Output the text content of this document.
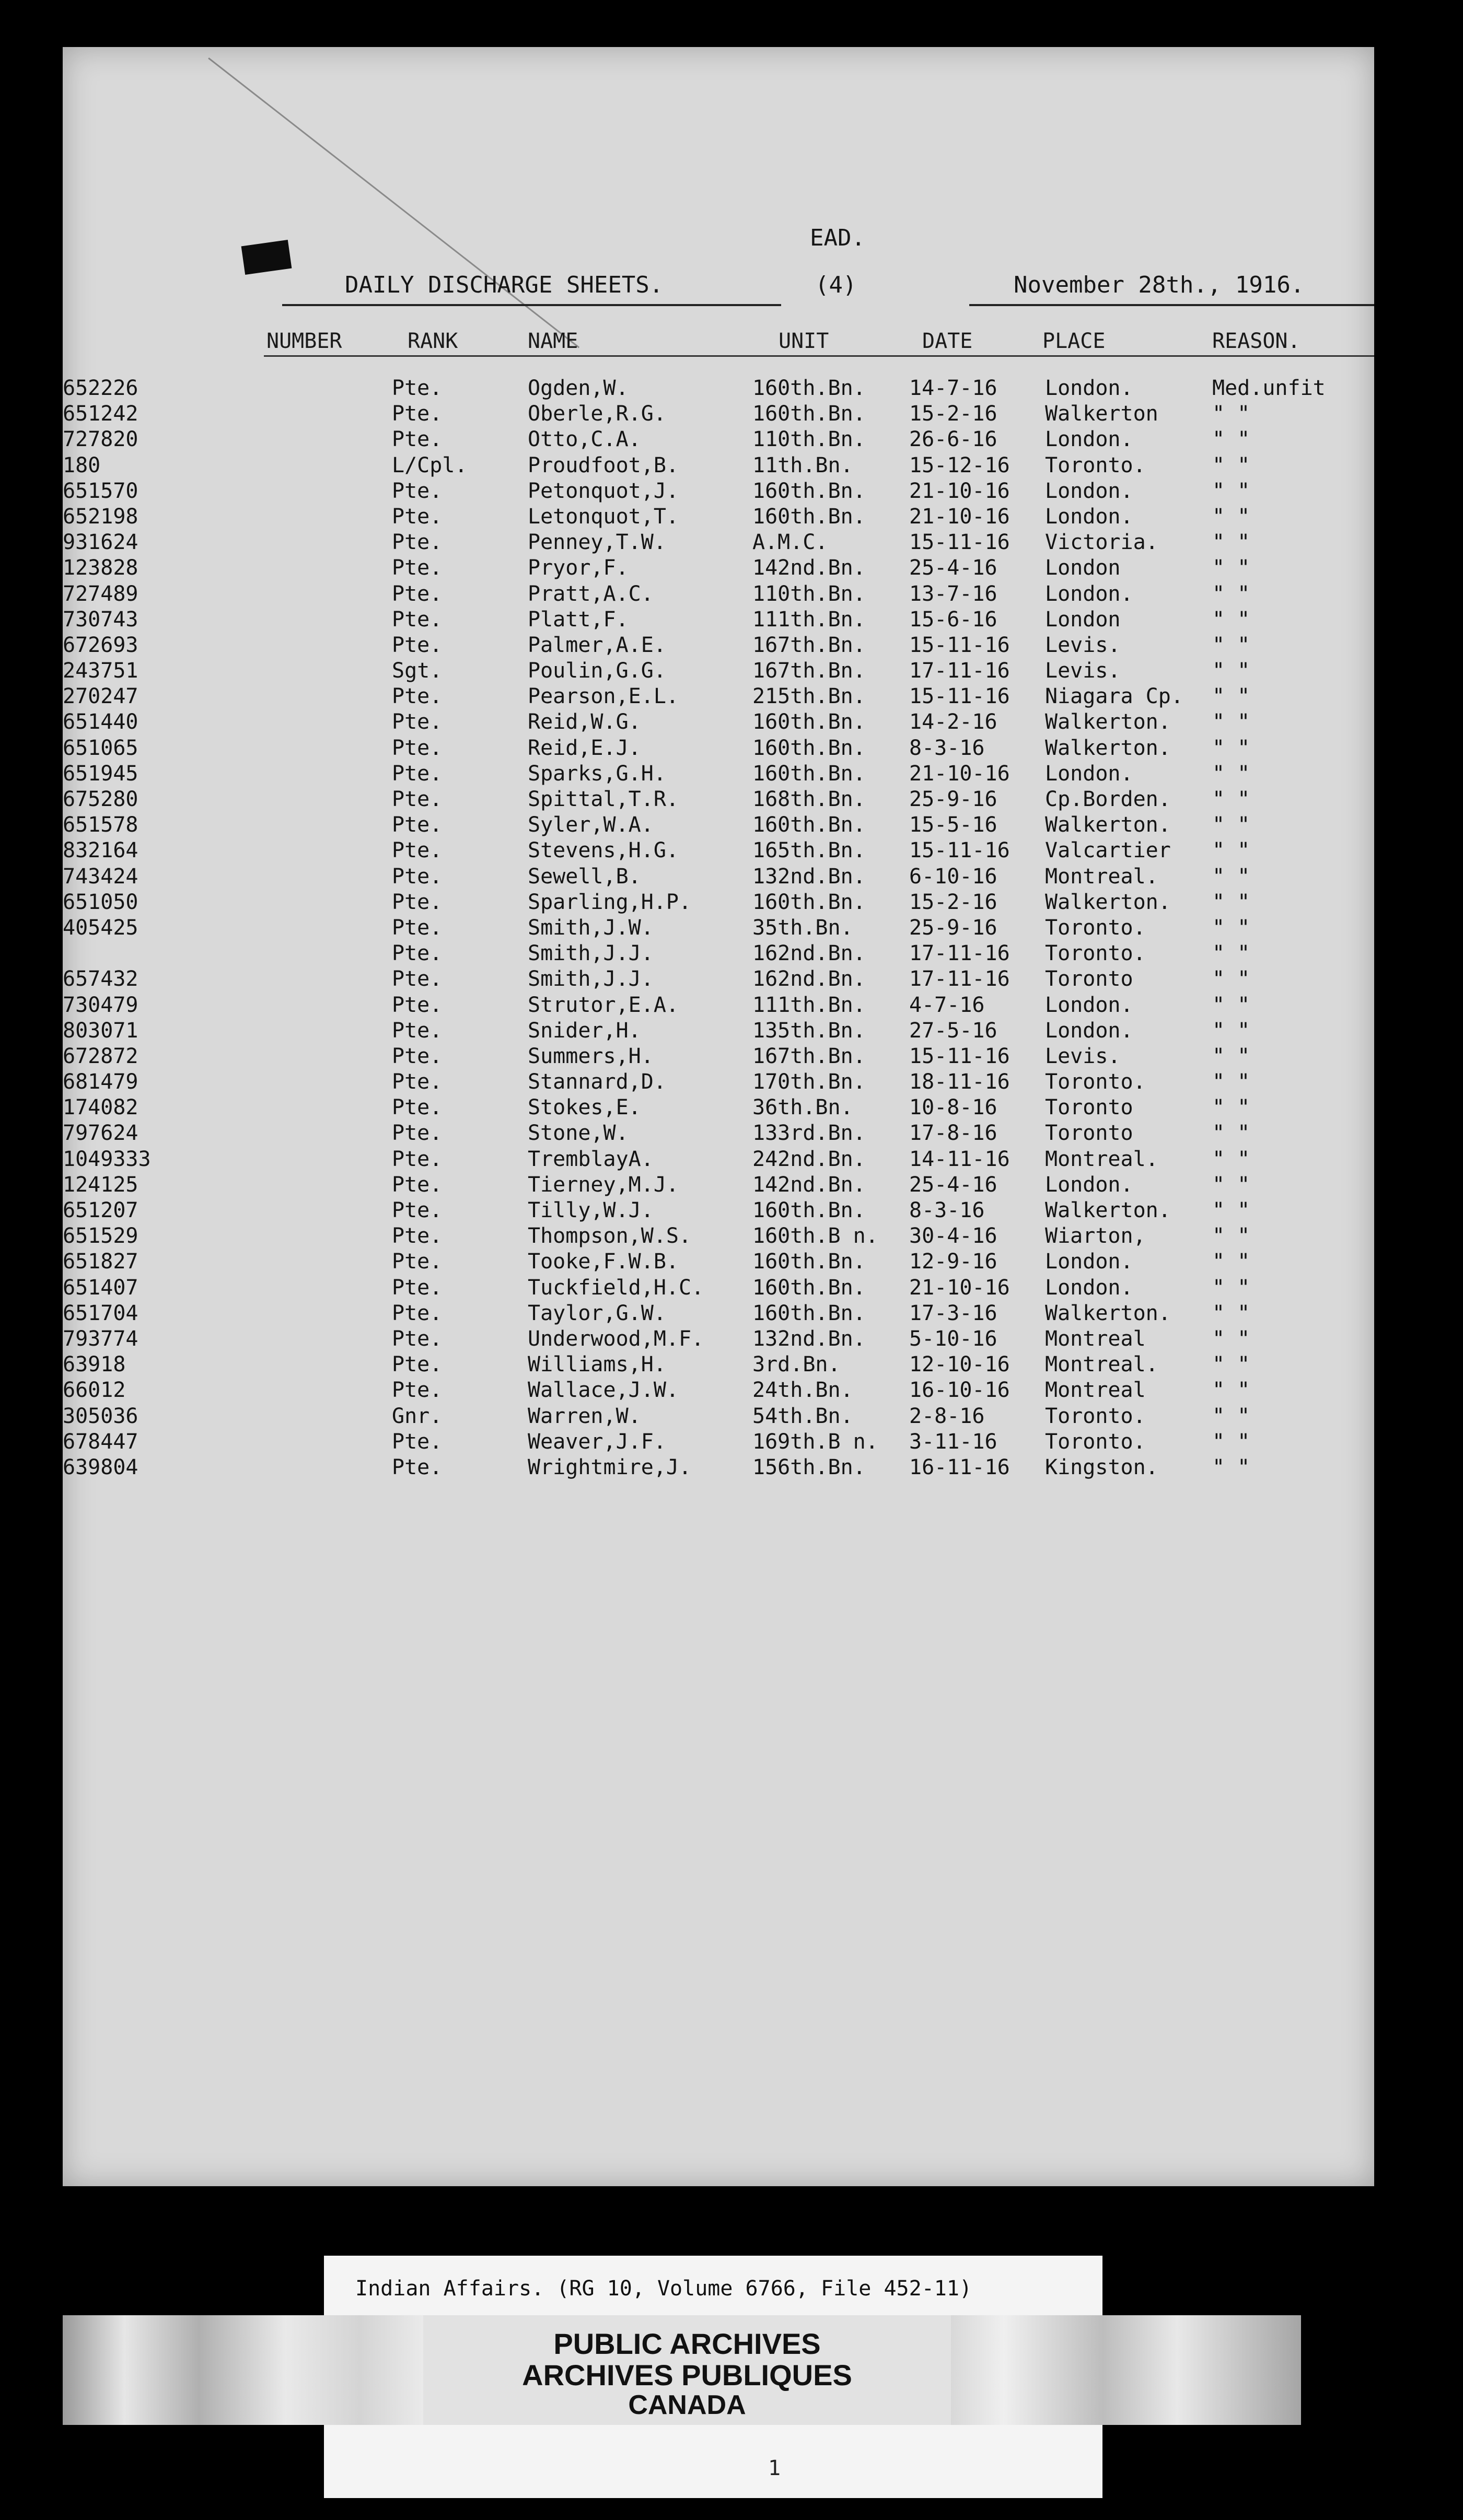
EAD.
DAILY DISCHARGE SHEETS.	(4)	November 28th., 1916.
NUMBER	RANK	NAME	UNIT	DATE	PLACE	REASON.
652226	Pte.	Ogden,W.	160th.Bn. 14-7-16 London.	Med.unfit
651242	Pte.	Oberle,R.G.	160th.Bn. 15-2-16 Walkerton	" "
727820	Pte.	Otto,C.A.	110th.Bn. 26-6-16 London.	" "
180	L/Cpl.	Proudfoot,B.	11th.Bn.	15-12-16 Toronto.	" "
651570	Pte.	Petonquot,J.	160th.Bn. 21-10-16 London.	" "
652198	Pte.	Letonquot,T.	160th.Bn. 21-10-16 London.	" "
931624	Pte.	Penney,T.W.	A.M.C.	15-11-16 Victoria.	" "
123828	Pte.	Pryor,F.	142nd.Bn. 25-4-16 London	" "
727489	Pte.	Pratt,A.C.	110th.Bn. 13-7-16 London.	" "
730743	Pte.	Platt,F.	111th.Bn. 15-6-16 London	" "
672693	Pte.	Palmer,A.E.	167th.Bn. 15-11-16 Levis.	" "
243751	Sgt.	Poulin,G.G.	167th.Bn. 17-11-16 Levis.	" "
270247	Pte.	Pearson,E.L.	215th.Bn. 15-11-16 Niagara Cp. " "
651440	Pte.	Reid,W.G.	160th.Bn. 14-2-16 Walkerton. " "
651065	Pte.	Reid,E.J.	160th.Bn. 8-3-16	Walkerton. " "
651945	Pte.	Sparks,G.H.	160th.Bn. 21-10-16 London.	" "
675280	Pte.	Spittal,T.R.	168th.Bn. 25-9-16 Cp.Borden. " "
651578	Pte.	Syler,W.A.	160th.Bn. 15-5-16 Walkerton. " "
832164	Pte.	Stevens,H.G.	165th.Bn. 15-11-16 Valcartier " "
743424	Pte.	Sewell,B.	132nd.Bn. 6-10-16 Montreal.	" "
651050	Pte.	Sparling,H.P.	160th.Bn. 15-2-16 Walkerton. " "
405425	Pte.	Smith,J.W.	35th.Bn.	25-9-16 Toronto.	" "
Pte.	Smith,J.J.	162nd.Bn. 17-11-16 Toronto.	" "
657432	Pte.	Smith,J.J.	162nd.Bn. 17-11-16 Toronto	" "
730479	Pte.	Strutor,E.A.	111th.Bn. 4-7-16	London.	" "
803071	Pte.	Snider,H.	135th.Bn. 27-5-16 London.	" "
672872	Pte.	Summers,H.	167th.Bn. 15-11-16 Levis.	" "
681479	Pte.	Stannard,D.	170th.Bn. 18-11-16 Toronto.	" "
174082	Pte.	Stokes,E.	36th.Bn.	10-8-16 Toronto	" "
797624	Pte.	Stone,W.	133rd.Bn. 17-8-16 Toronto	" "
1049333	Pte.	TremblayA.	242nd.Bn. 14-11-16 Montreal.	" "
124125	Pte.	Tierney,M.J.	142nd.Bn. 25-4-16 London.	" "
651207	Pte.	Tilly,W.J.	160th.Bn. 8-3-16	Walkerton. " "
651529	Pte.	Thompson,W.S.	160th.B n. 30-4-16 Wiarton,	" "
651827	Pte.	Tooke,F.W.B.	160th.Bn. 12-9-16 London.	" "
651407	Pte.	Tuckfield,H.C. 160th.Bn. 21-10-16 London.	" "
651704	Pte.	Taylor,G.W.	160th.Bn. 17-3-16 Walkerton. " "
793774	Pte.	Underwood,M.F. 132nd.Bn. 5-10-16 Montreal	" "
63918	Pte.	Williams,H.	3rd.Bn.	12-10-16 Montreal.	" "
66012	Pte.	Wallace,J.W.	24th.Bn.	16-10-16 Montreal	" "
305036	Gnr.	Warren,W.	54th.Bn.	2-8-16	Toronto.	" "
678447	Pte.	Weaver,J.F.	169th.B n. 3-11-16 Toronto.	" "
639804	Pte.	Wrightmire,J.	156th.Bn. 16-11-16 Kingston.	" "
Indian Affairs. (RG 10, Volume 6766, File 452-11)
PUBLIC ARCHIVES
ARCHIVES PUBLIQUES
CANADA
1
